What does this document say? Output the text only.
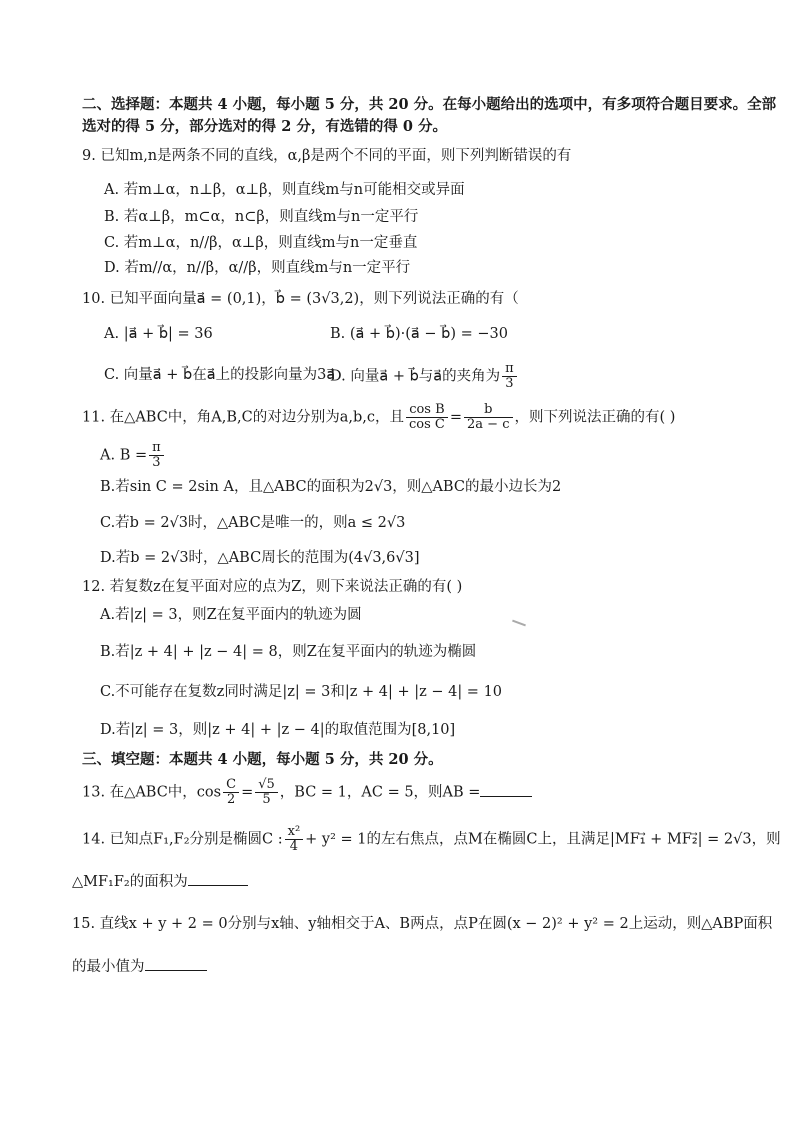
二、选择题：本题共 4 小题，每小题 5 分，共 20 分。在每小题给出的选项中，有多项符合题目要求。全部
选对的得 5 分，部分选对的得 2 分，有选错的得 0 分。
9. 已知m,n是两条不同的直线，α,β是两个不同的平面，则下列判断错误的有
A. 若m⊥α，n⊥β，α⊥β，则直线m与n可能相交或异面
B. 若α⊥β，m⊂α，n⊂β，则直线m与n一定平行
C. 若m⊥α，n//β，α⊥β，则直线m与n一定垂直
D. 若m//α，n//β，α//β，则直线m与n一定平行
10. 已知平面向量a⃗ = (0,1)，b⃗ = (3√3,2)，则下列说法正确的有（
A. |a⃗ + b⃗| = 36	B. (a⃗ + b⃗)·(a⃗ − b⃗) = −30
C. 向量a⃗ + b⃗在a⃗上的投影向量为3a⃗
D. 向量a⃗ + b⃗与a⃗的夹角为 $\frac{\pi}{3}$
11. 在△ABC中，角A,B,C的对边分别为a,b,c，且 $\frac{\text{cos B}}{\text{cos C}} = \frac{b}{2a - c}$ ，则下列说法正确的有( )
A. $B = \frac{\pi}{3}$
B.若sin C = 2sin A，且△ABC的面积为2√3，则△ABC的最小边长为2
C.若b = 2√3时，△ABC是唯一的，则a ≤ 2√3
D.若b = 2√3时，△ABC周长的范围为(4√3,6√3]
12. 若复数z在复平面对应的点为Z，则下来说法正确的有( )
A.若|z| = 3，则Z在复平面内的轨迹为圆
B.若|z + 4| + |z − 4| = 8，则Z在复平面内的轨迹为椭圆
C.不可能存在复数z同时满足|z| = 3和|z + 4| + |z − 4| = 10
D.若|z| = 3，则|z + 4| + |z − 4|的取值范围为[8,10]
三、填空题：本题共 4 小题，每小题 5 分，共 20 分。
13. 在△ABC中，$\cos \frac{C}{2} = \frac{√5}{5}$ ，BC = 1，AC = 5，则AB =
14. 已知点F₁,F₂分别是椭圆C : $\frac{\text{x²}}{4} + y^2 = 1$的左右焦点，点M在椭圆C上，且满足|MF₁⃗ + MF₂⃗| = 2√3，则
△MF₁F₂的面积为
15. 直线x + y + 2 = 0分别与x轴、y轴相交于A、B两点，点P在圆(x − 2)² + y² = 2上运动，则△ABP面积
的最小值为
